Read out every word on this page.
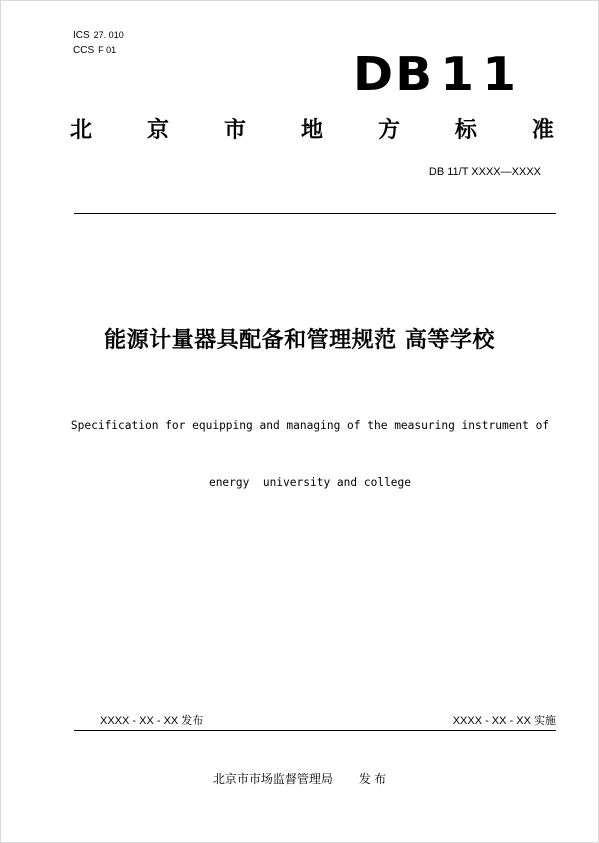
ICS 27. 010
CCS F 01	DB 11
北 京 市 地 方 标 准
DB 11/T XXXX—XXXX
能源计量器具配备和管理规范 高等学校

Specification for equipping and managing of the measuring instrument of

energy  university and college

XXXX - XX - XX 发布	XXXX - XX - XX 实施
北京市市场监督管理局 发 布
